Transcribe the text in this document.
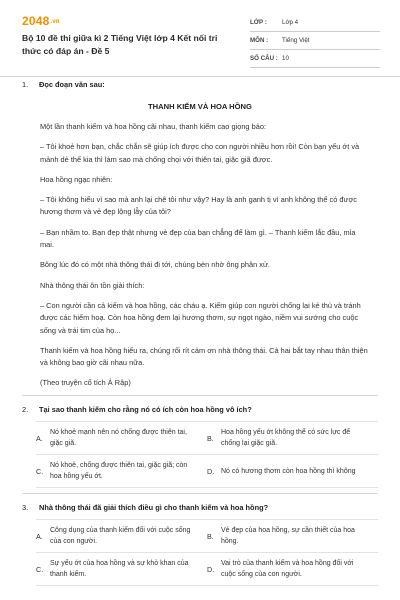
2048.vn
Bộ 10 đề thi giữa kì 2 Tiếng Việt lớp 4 Kết nối tri thức có đáp án - Đề 5
LỚP :	Lớp 4
MÔN :	Tiếng Việt
SỐ CÂU : 10
1.	Đọc đoạn văn sau:
THANH KIẾM VÀ HOA HỒNG

Một lần thanh kiếm và hoa hồng cãi nhau, thanh kiếm cao giọng bảo:

– Tôi khoẻ hơn bạn, chắc chắn sẽ giúp ích được cho con người nhiều hơn rồi! Còn bạn yếu ớt và mảnh dẻ thế kia thì làm sao mà chống chọi với thiên tai, giặc giã được.

Hoa hồng ngạc nhiên:

– Tôi không hiểu vì sao mà anh lại chê tôi như vậy? Hay là anh ganh tị vì anh không thể có được hương thơm và vẻ đẹp lộng lẫy của tôi?

– Bạn nhầm to. Bạn đẹp thật nhưng vẻ đẹp của bạn chẳng để làm gì. – Thanh kiếm lắc đầu, mỉa mai.

Bông lúc đó có một nhà thông thái đi tới, chúng bèn nhờ ông phân xử.

Nhà thông thái ôn tồn giải thích:

– Con người cần cả kiếm và hoa hồng, các cháu ạ. Kiếm giúp con người chống lại kẻ thù và tránh được các hiểm hoạ. Còn hoa hồng đem lại hương thơm, sự ngọt ngào, niềm vui sướng cho cuộc sống và trái tim của họ...

Thanh kiếm và hoa hồng hiểu ra, chúng rối rít cảm ơn nhà thông thái. Cả hai bắt tay nhau thân thiện và không bao giờ cãi nhau nữa.

(Theo truyện cổ tích Ả Rập)

2.	Tại sao thanh kiếm cho rằng nó có ích còn hoa hồng vô ích?
A.
Nó khoẻ mạnh nên nó chống được thiên tai, giặc giã.
B.
Hoa hồng yếu ớt không thể có sức lực để chống lại giặc giã.
C.
Nó khoẻ, chống được thiên tai, giặc giã; còn hoa hồng yếu ớt.
D. Nó có hương thơm còn hoa hồng thì không
3.	Nhà thông thái đã giải thích điều gì cho thanh kiếm và hoa hồng?
A.
Công dụng của thanh kiếm đối với cuộc sống của con người.
B.
Vẻ đẹp của hoa hồng, sự cần thiết của hoa hồng.
C.
Sự yếu ớt của hoa hồng và sự khỏ khan của thanh kiếm.
D.
Vai trò của thanh kiếm và hoa hồng đối với cuộc sống của con người.
